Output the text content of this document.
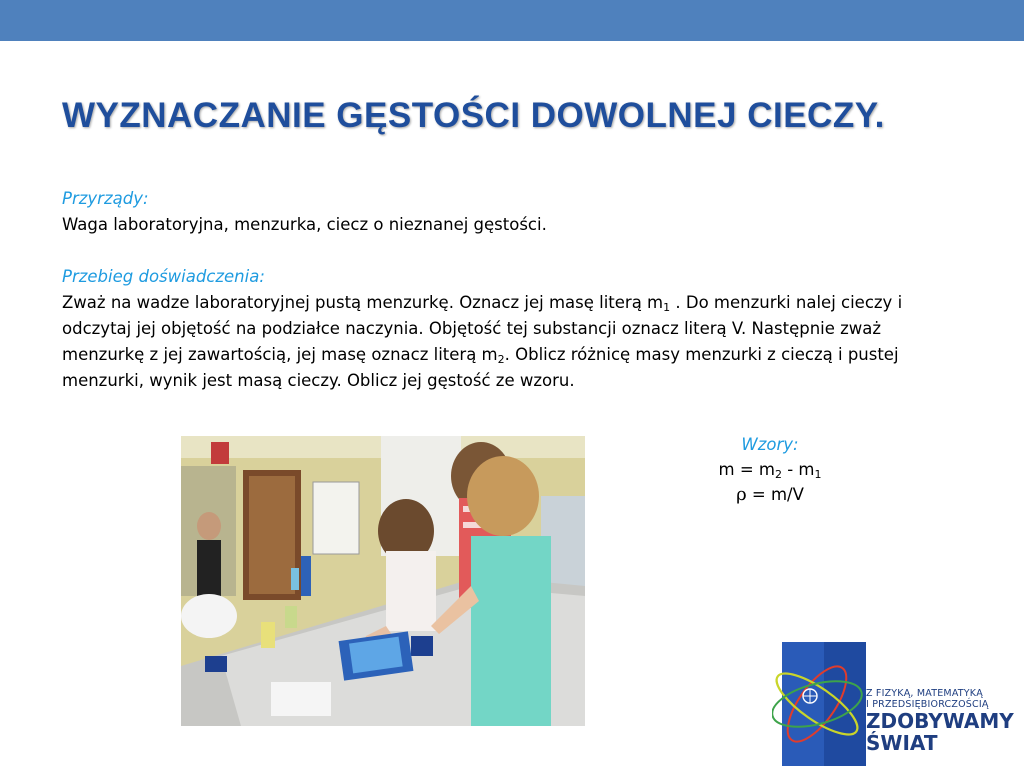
WYZNACZANIE GĘSTOŚCI DOWOLNEJ CIECZY.
Przyrządy:
Waga laboratoryjna, menzurka, ciecz o nieznanej gęstości.
Przebieg doświadczenia:
Zważ na wadze laboratoryjnej pustą menzurkę. Oznacz jej masę literą $m_1$ . Do menzurki nalej cieczy i odczytaj jej objętość na podziałce naczynia. Objętość tej substancji oznacz literą V. Następnie zważ menzurkę z jej zawartością, jej masę oznacz literą $m_2$. Oblicz różnicę masy menzurki z cieczą i pustej menzurki, wynik jest masą cieczy. Oblicz jej gęstość ze wzoru.
Wzory:
$m = m_2 - m_1$
ρ = m/V
Z FIZYKĄ, MATEMATYKĄ
I PRZEDSIĘBIORCZOŚCIĄ
ZDOBYWAMY
ŚWIAT
